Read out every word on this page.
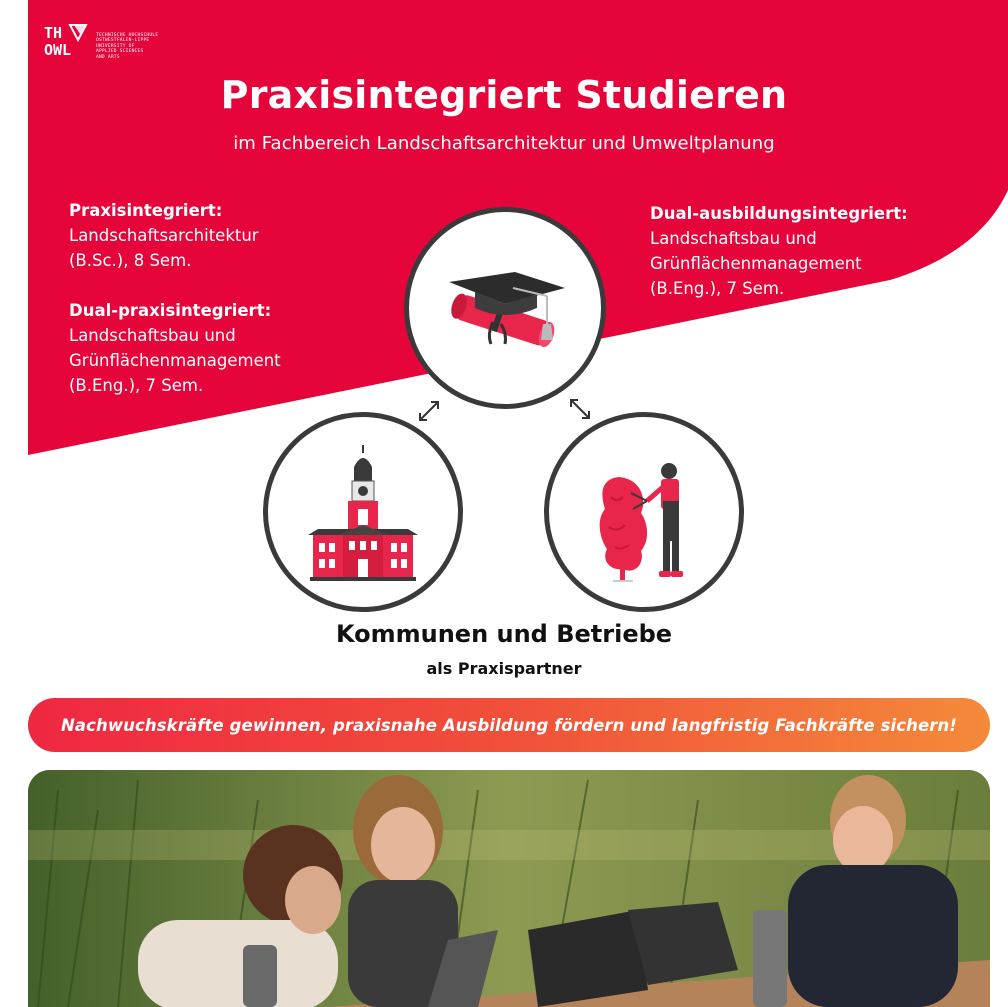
TH
OWL
TECHNISCHE HOCHSCHULE
OSTWESTFALEN-LIPPE
UNIVERSITY OF
APPLIED SCIENCES
AND ARTS
Praxisintegriert Studieren
im Fachbereich Landschaftsarchitektur und Umweltplanung
Praxisintegriert:
Landschaftsarchitektur
(B.Sc.), 8 Sem.
Dual-praxisintegriert:
Landschaftsbau und
Grünflächenmanagement
(B.Eng.), 7 Sem.
Dual-ausbildungsintegriert:
Landschaftsbau und
Grünflächenmanagement
(B.Eng.), 7 Sem.
Kommunen und Betriebe
als Praxispartner
Nachwuchskräfte gewinnen, praxisnahe Ausbildung fördern und langfristig Fachkräfte sichern!
